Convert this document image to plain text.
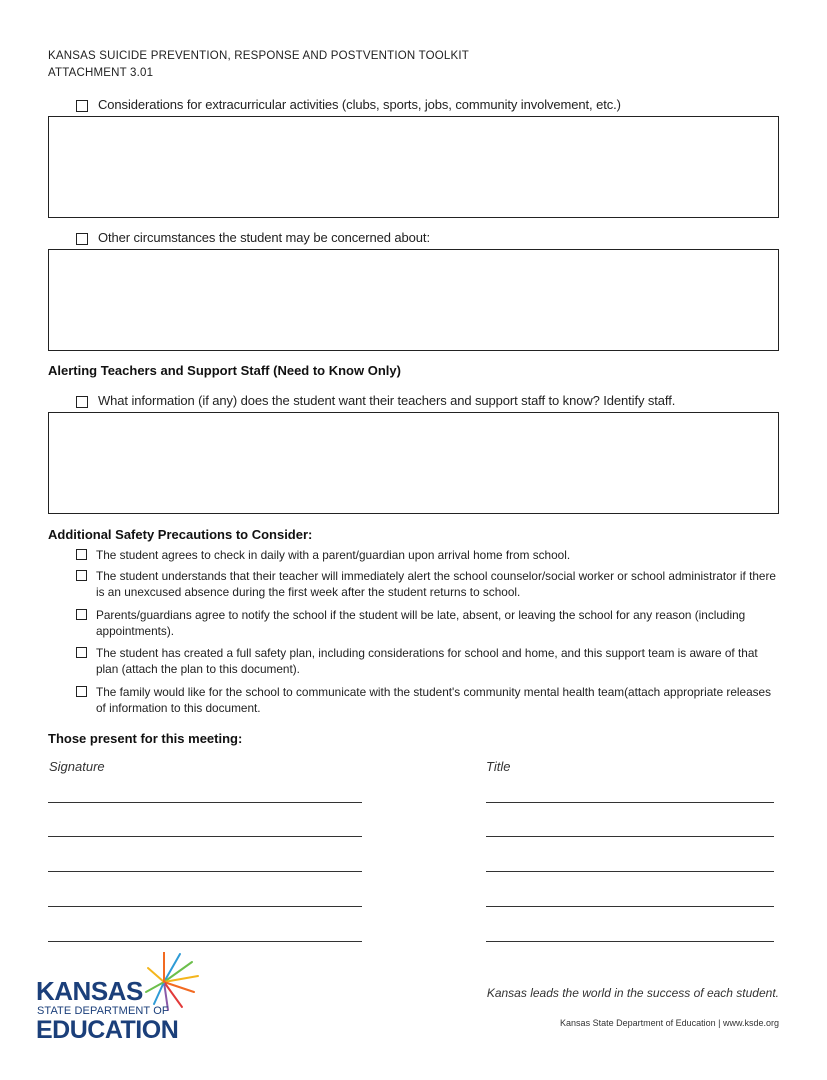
KANSAS SUICIDE PREVENTION, RESPONSE AND POSTVENTION TOOLKIT
ATTACHMENT 3.01
Considerations for extracurricular activities (clubs, sports, jobs, community involvement, etc.)
Other circumstances the student may be concerned about:
Alerting Teachers and Support Staff (Need to Know Only)
What information (if any) does the student want their teachers and support staff to know? Identify staff.
Additional Safety Precautions to Consider:
The student agrees to check in daily with a parent/guardian upon arrival home from school.
The student understands that their teacher will immediately alert the school counselor/social worker or school administrator if there is an unexcused absence during the first week after the student returns to school.
Parents/guardians agree to notify the school if the student will be late, absent, or leaving the school for any reason (including appointments).
The student has created a full safety plan, including considerations for school and home, and this support team is aware of that plan (attach the plan to this document).
The family would like for the school to communicate with the student's community mental health team(attach appropriate releases of information to this document.
Those present for this meeting:
Signature	Title
KANSAS
STATE DEPARTMENT OF
EDUCATION
Kansas leads the world in the success of each student.
Kansas State Department of Education | www.ksde.org
